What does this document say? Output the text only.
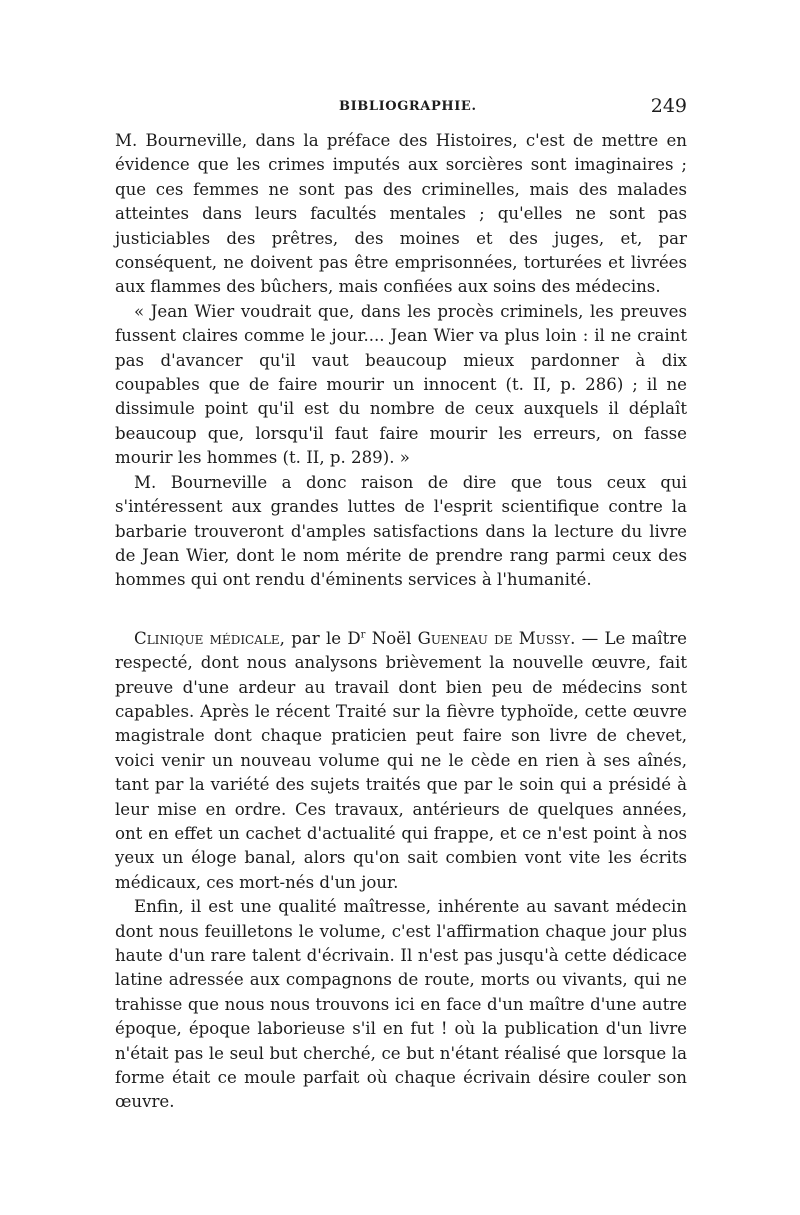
BIBLIOGRAPHIE.	249

M. Bourneville, dans la préface des Histoires, c'est de mettre en évidence que les crimes imputés aux sorcières sont imaginaires ; que ces femmes ne sont pas des criminelles, mais des malades atteintes dans leurs facultés mentales ; qu'elles ne sont pas justiciables des prêtres, des moines et des juges, et, par conséquent, ne doivent pas être emprisonnées, torturées et livrées aux flammes des bûchers, mais confiées aux soins des médecins.

« Jean Wier voudrait que, dans les procès criminels, les preuves fussent claires comme le jour.... Jean Wier va plus loin : il ne craint pas d'avancer qu'il vaut beaucoup mieux pardonner à dix coupables que de faire mourir un innocent (t. II, p. 286) ; il ne dissimule point qu'il est du nombre de ceux auxquels il déplaît beaucoup que, lorsqu'il faut faire mourir les erreurs, on fasse mourir les hommes (t. II, p. 289). »

M. Bourneville a donc raison de dire que tous ceux qui s'intéressent aux grandes luttes de l'esprit scientifique contre la barbarie trouveront d'amples satisfactions dans la lecture du livre de Jean Wier, dont le nom mérite de prendre rang parmi ceux des hommes qui ont rendu d'éminents services à l'humanité.

Clinique médicale, par le $D^r$ Noël Gueneau de Mussy. — Le maître respecté, dont nous analysons brièvement la nouvelle œuvre, fait preuve d'une ardeur au travail dont bien peu de médecins sont capables. Après le récent Traité sur la fièvre typhoïde, cette œuvre magistrale dont chaque praticien peut faire son livre de chevet, voici venir un nouveau volume qui ne le cède en rien à ses aînés, tant par la variété des sujets traités que par le soin qui a présidé à leur mise en ordre. Ces travaux, antérieurs de quelques années, ont en effet un cachet d'actualité qui frappe, et ce n'est point à nos yeux un éloge banal, alors qu'on sait combien vont vite les écrits médicaux, ces mort-nés d'un jour.

Enfin, il est une qualité maîtresse, inhérente au savant médecin dont nous feuilletons le volume, c'est l'affirmation chaque jour plus haute d'un rare talent d'écrivain. Il n'est pas jusqu'à cette dédicace latine adressée aux compagnons de route, morts ou vivants, qui ne trahisse que nous nous trouvons ici en face d'un maître d'une autre époque, époque laborieuse s'il en fut ! où la publication d'un livre n'était pas le seul but cherché, ce but n'étant réalisé que lorsque la forme était ce moule parfait où chaque écrivain désire couler son œuvre.
